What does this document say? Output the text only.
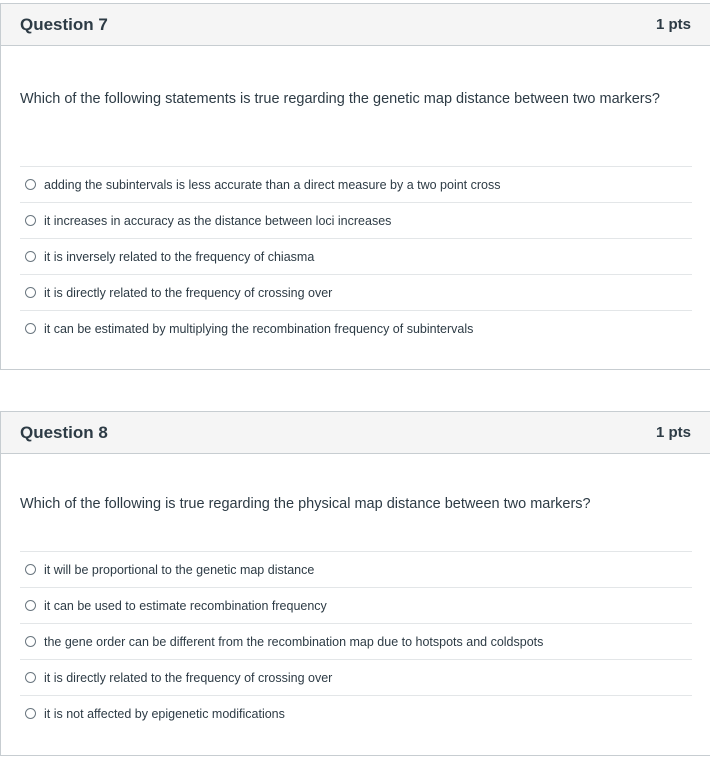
Question 7	1 pts

Which of the following statements is true regarding the genetic map distance between two markers?

adding the subintervals is less accurate than a direct measure by a two point cross
it increases in accuracy as the distance between loci increases
it is inversely related to the frequency of chiasma
it is directly related to the frequency of crossing over
it can be estimated by multiplying the recombination frequency of subintervals
Question 8	1 pts

Which of the following is true regarding the physical map distance between two markers?

it will be proportional to the genetic map distance
it can be used to estimate recombination frequency
the gene order can be different from the recombination map due to hotspots and coldspots
it is directly related to the frequency of crossing over
it is not affected by epigenetic modifications
